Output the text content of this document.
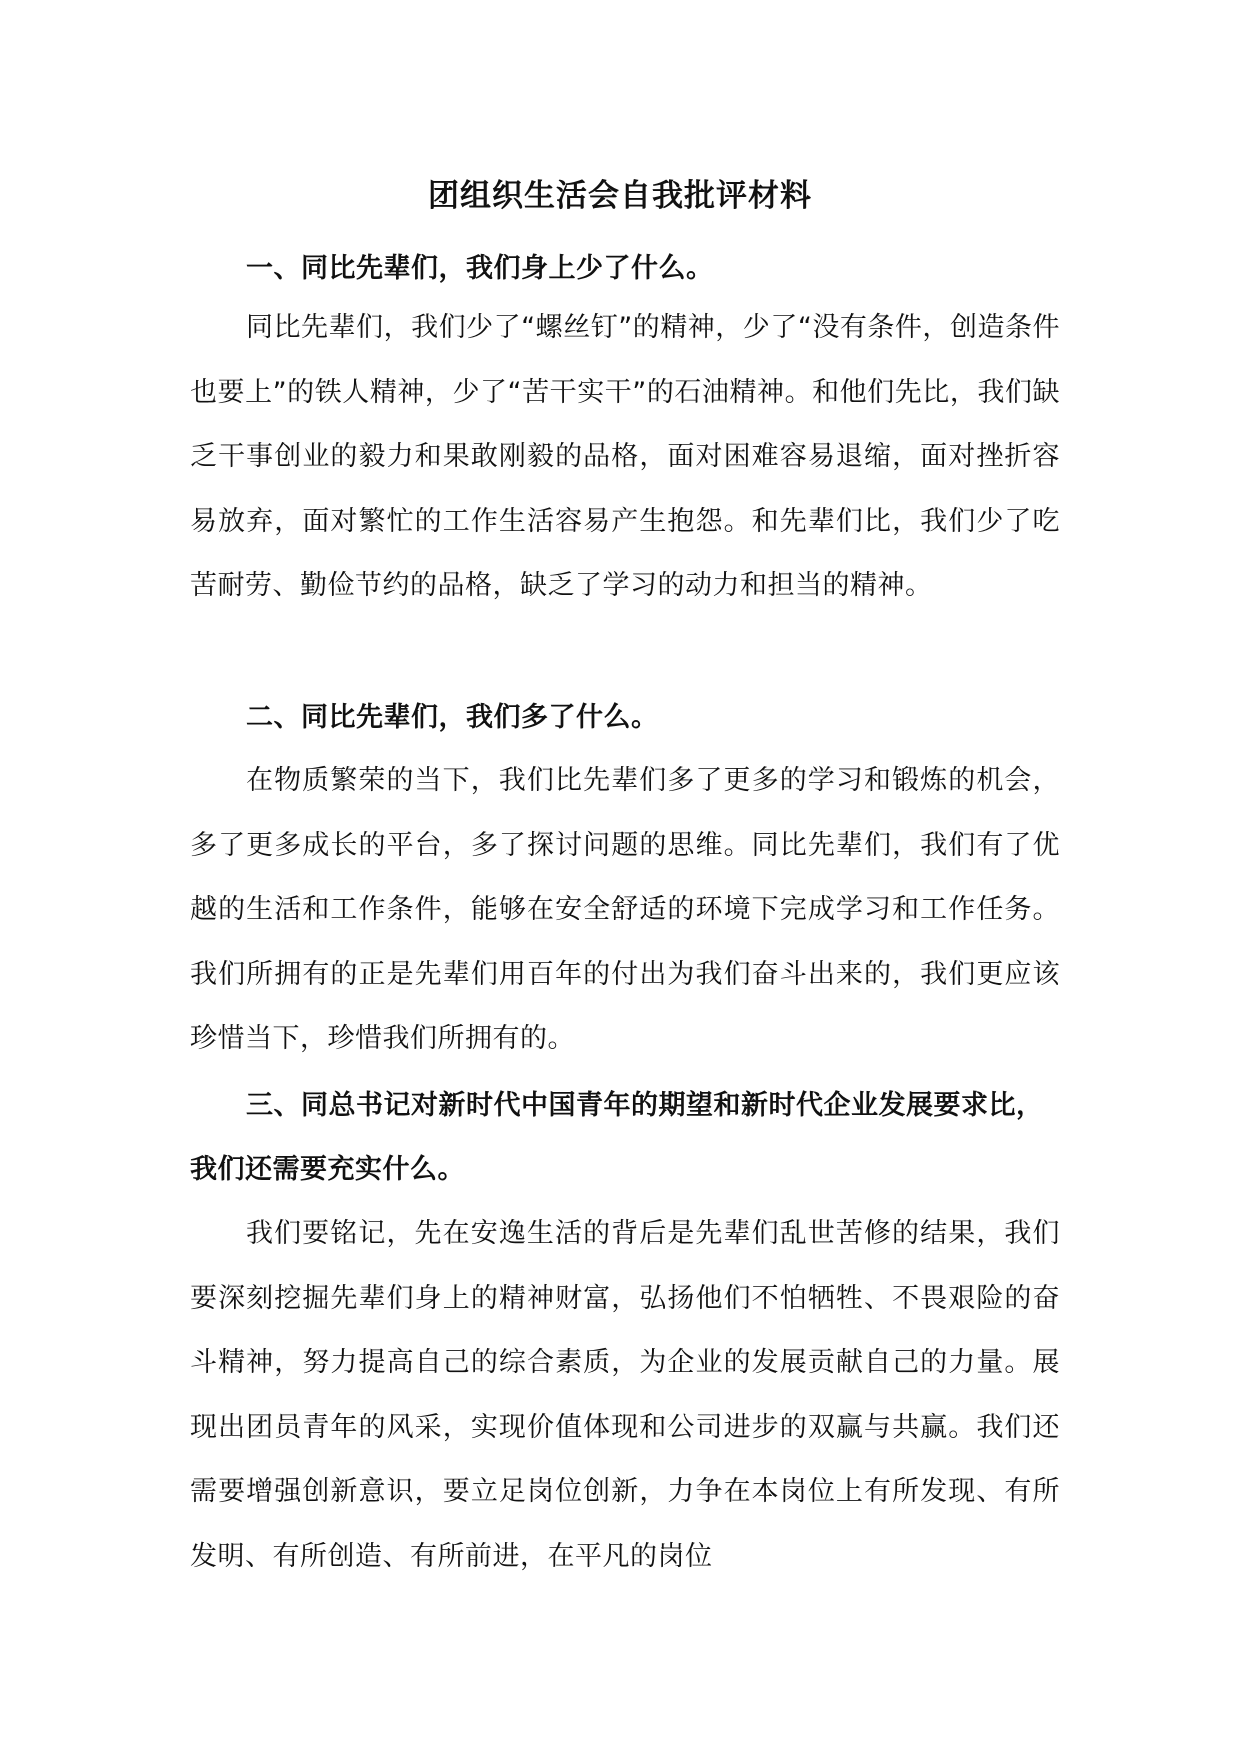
团组织生活会自我批评材料
一、同比先辈们，我们身上少了什么。
同比先辈们，我们少了“螺丝钉”的精神，少了“没有条件，创造条件也要上”的铁人精神，少了“苦干实干”的石油精神。和他们先比，我们缺乏干事创业的毅力和果敢刚毅的品格，面对困难容易退缩，面对挫折容易放弃，面对繁忙的工作生活容易产生抱怨。和先辈们比，我们少了吃苦耐劳、勤俭节约的品格，缺乏了学习的动力和担当的精神。
二、同比先辈们，我们多了什么。
在物质繁荣的当下，我们比先辈们多了更多的学习和锻炼的机会，多了更多成长的平台，多了探讨问题的思维。同比先辈们，我们有了优越的生活和工作条件，能够在安全舒适的环境下完成学习和工作任务。我们所拥有的正是先辈们用百年的付出为我们奋斗出来的，我们更应该珍惜当下，珍惜我们所拥有的。
三、同总书记对新时代中国青年的期望和新时代企业发展要求比，我们还需要充实什么。
我们要铭记，先在安逸生活的背后是先辈们乱世苦修的结果，我们要深刻挖掘先辈们身上的精神财富，弘扬他们不怕牺牲、不畏艰险的奋斗精神，努力提高自己的综合素质，为企业的发展贡献自己的力量。展现出团员青年的风采，实现价值体现和公司进步的双赢与共赢。我们还需要增强创新意识，要立足岗位创新，力争在本岗位上有所发现、有所发明、有所创造、有所前进，在平凡的岗位
